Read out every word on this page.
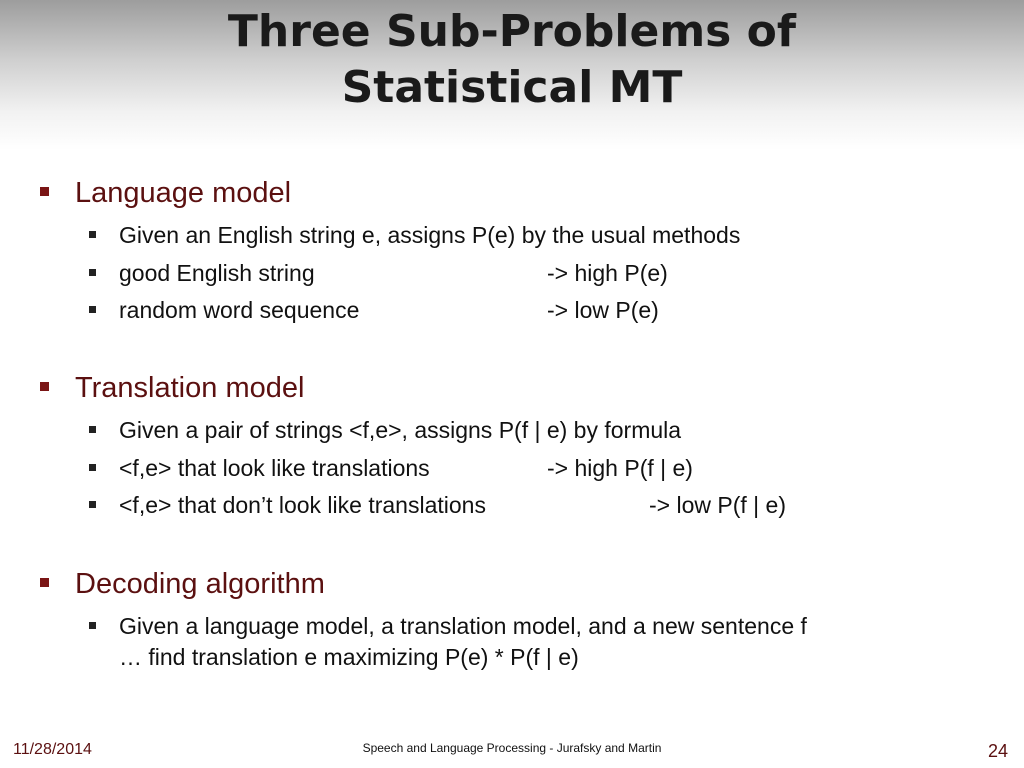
Three Sub-Problems of
Statistical MT
Language model
Given an English string e, assigns P(e) by the usual methods
good English string	-> high P(e)
random word sequence	-> low P(e)
Translation model
Given a pair of strings <f,e>, assigns P(f | e) by formula
<f,e> that look like translations	-> high P(f | e)
<f,e> that don’t look like translations	-> low P(f | e)
Decoding algorithm
Given a language model, a translation model, and a new sentence f
… find translation e maximizing P(e) * P(f | e)
11/28/2014	Speech and Language Processing - Jurafsky and Martin	24
